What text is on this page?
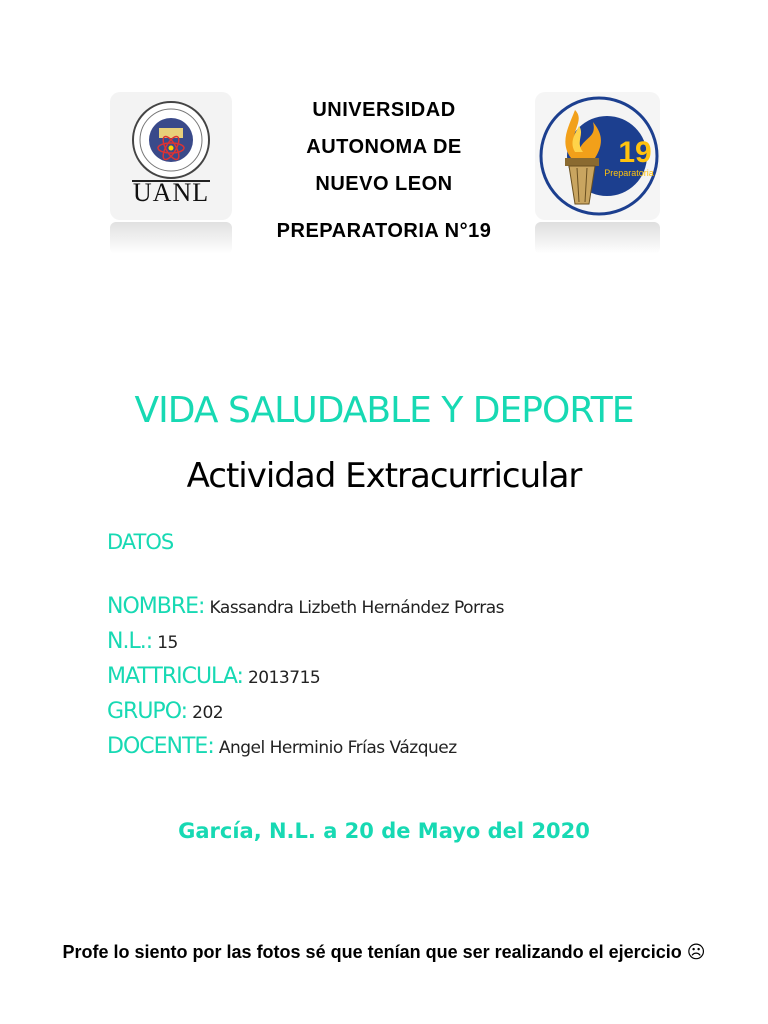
UANL
UNIVERSIDAD
AUTONOMA DE
NUEVO LEON
PREPARATORIA N°19
19
Preparatoria
VIDA SALUDABLE Y DEPORTE
Actividad Extracurricular
DATOS
NOMBRE: Kassandra Lizbeth Hernández Porras
N.L.: 15
MATTRICULA: 2013715
GRUPO: 202
DOCENTE: Angel Herminio Frías Vázquez
García, N.L. a 20 de Mayo del 2020
Profe lo siento por las fotos sé que tenían que ser realizando el ejercicio ☹
